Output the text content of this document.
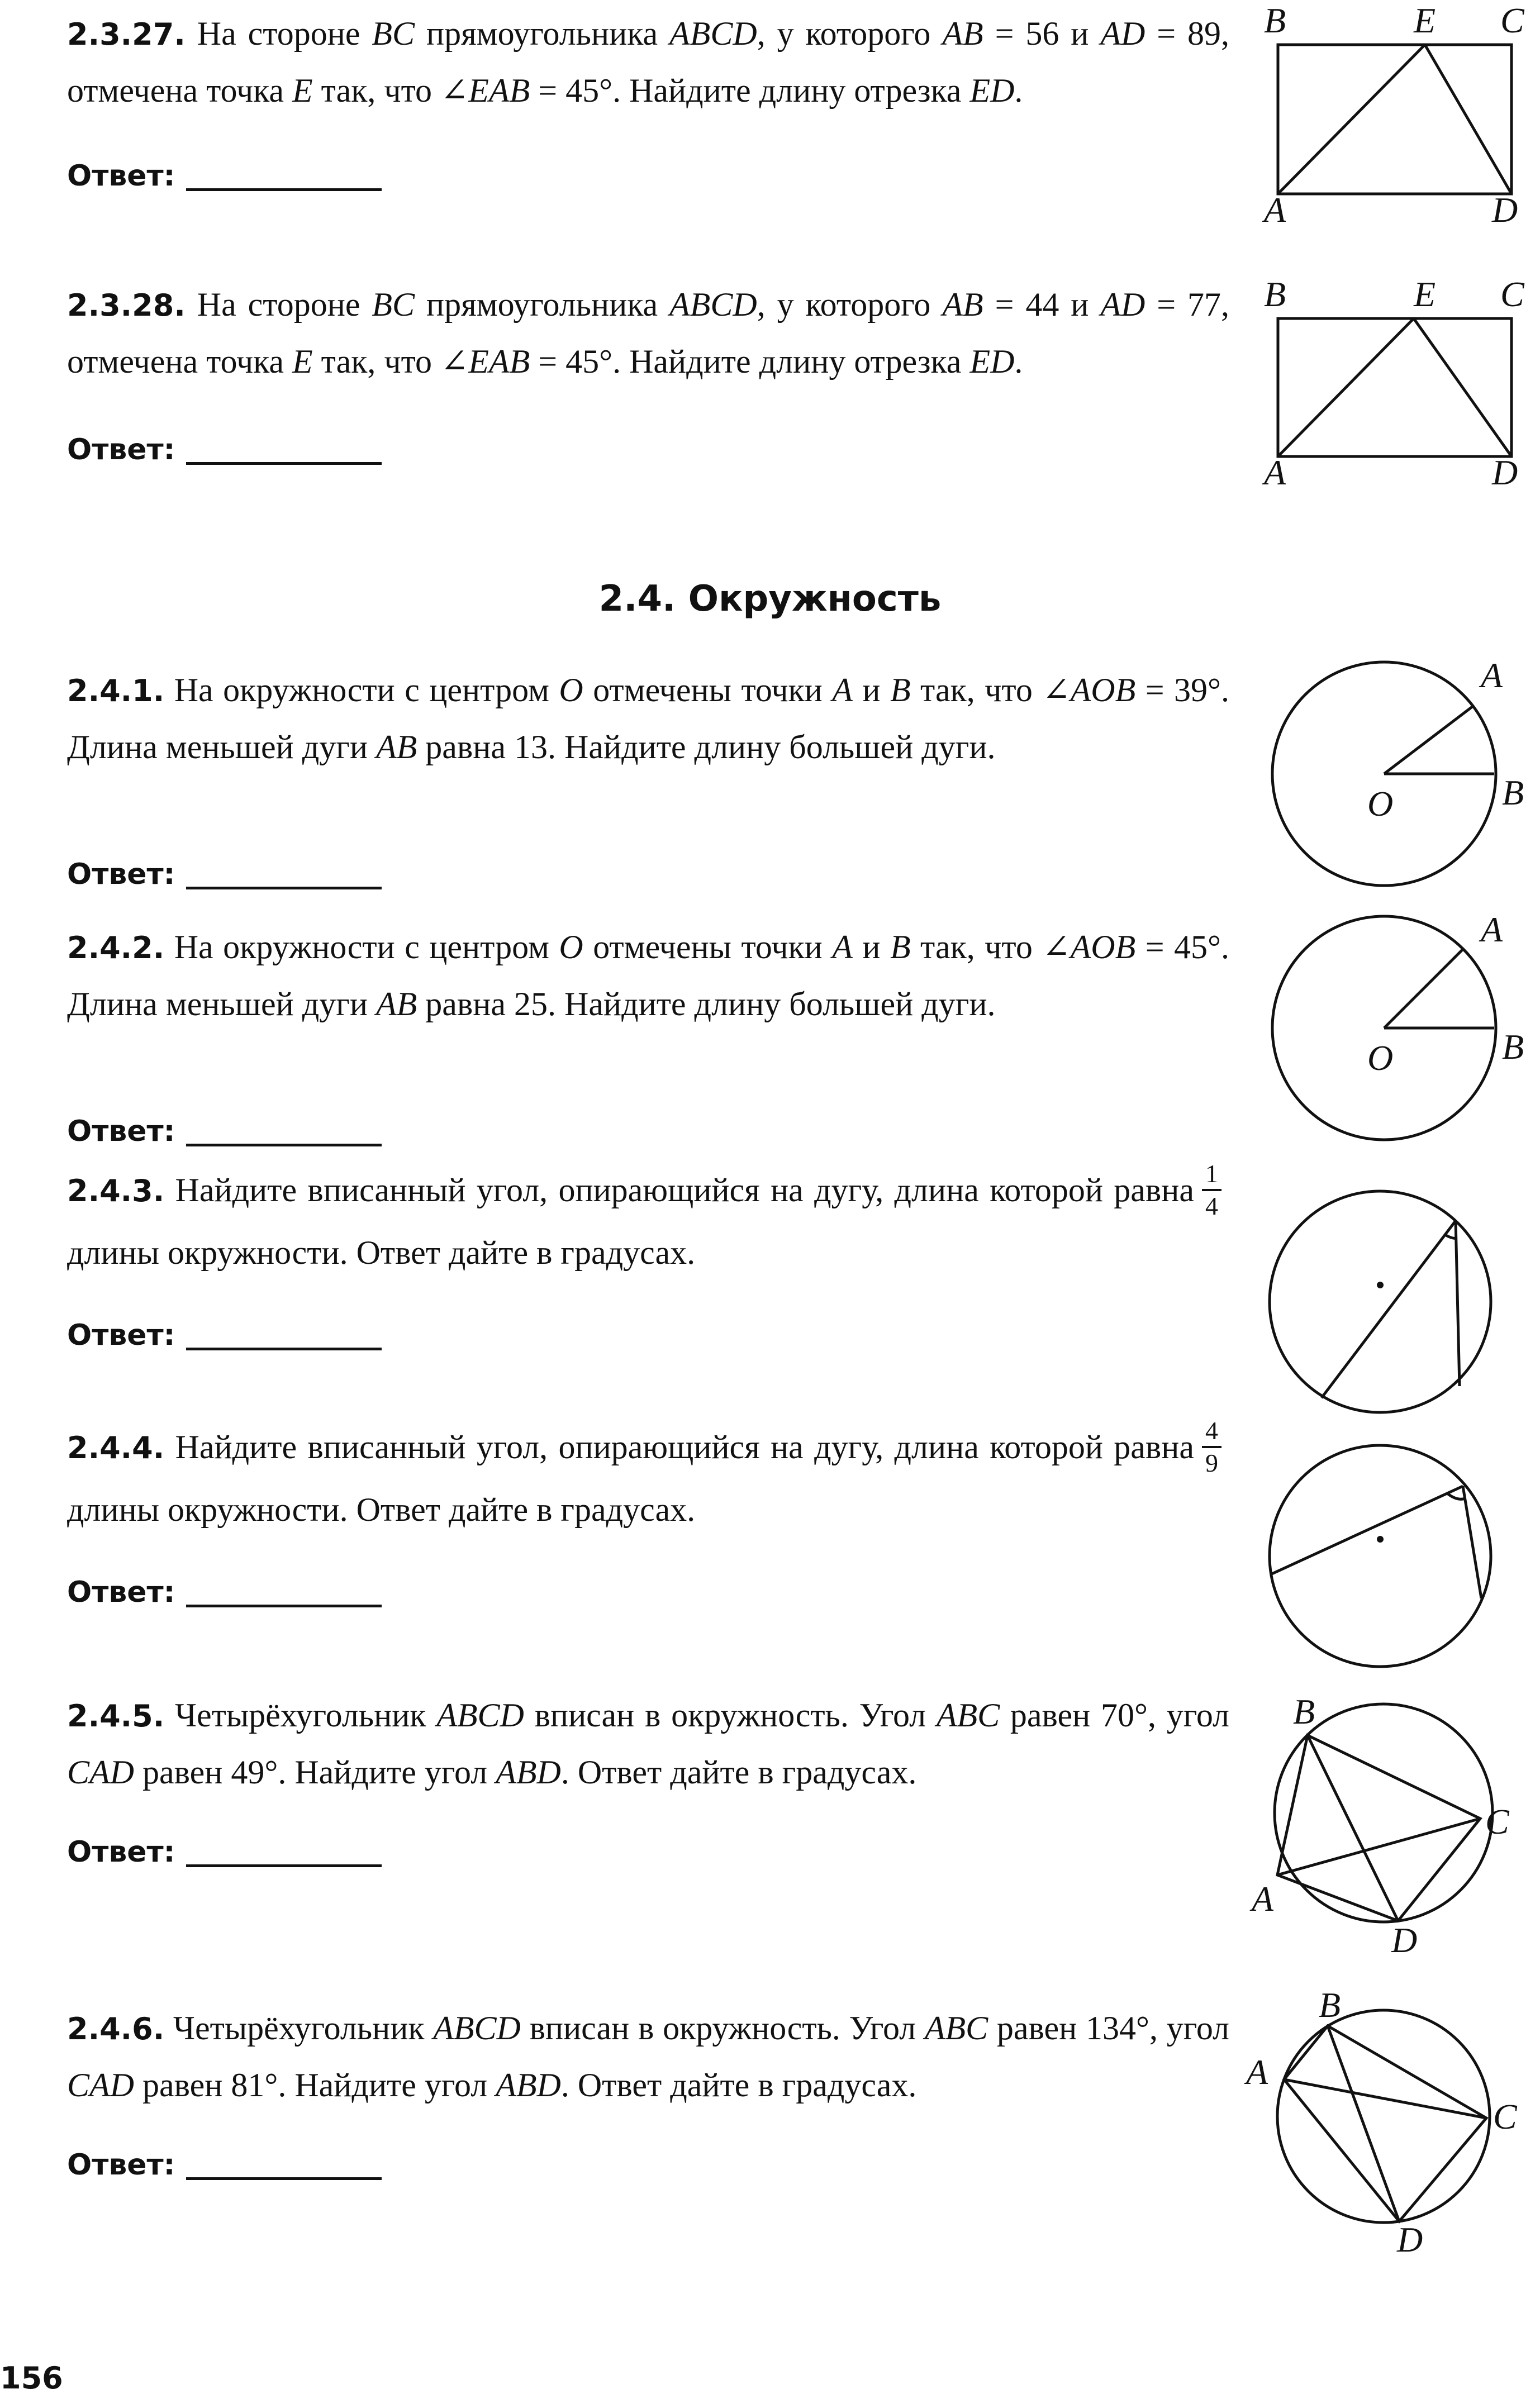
2.3.27. На стороне BC прямоугольника ABCD, у которого AB = 56 и AD = 89, отмечена точка E так, что ∠EAB = 45°. Найдите длину отрезка ED.
Ответ:
2.3.28. На стороне BC прямоугольника ABCD, у которого AB = 44 и AD = 77, отмечена точка E так, что ∠EAB = 45°. Найдите длину отрезка ED.
Ответ:
2.4. Окружность
2.4.1. На окружности с центром O отмечены точки A и B так, что ∠AOB = 39°. Длина меньшей дуги AB равна 13. Найдите длину большей дуги.
Ответ:
2.4.2. На окружности с центром O отмечены точки A и B так, что ∠AOB = 45°. Длина меньшей дуги AB равна 25. Найдите длину большей дуги.
Ответ:
2.4.3. Найдите вписанный угол, опирающийся на дугу, длина которой равна $\frac{1}{4}$
длины окружности. Ответ дайте в градусах.
Ответ:
2.4.4. Найдите вписанный угол, опирающийся на дугу, длина которой равна $\frac{4}{9}$
длины окружности. Ответ дайте в градусах.
Ответ:
2.4.5. Четырёхугольник ABCD вписан в окружность. Угол ABC равен 70°, угол CAD равен 49°. Найдите угол ABD. Ответ дайте в градусах.
Ответ:
2.4.6. Четырёхугольник ABCD вписан в окружность. Угол ABC равен 134°, угол CAD равен 81°. Найдите угол ABD. Ответ дайте в градусах.
Ответ:
B	E C
A	D
B	E C
A	D
A
O	B
A
O	B
B
C
A
D
B
A
C
D
156
